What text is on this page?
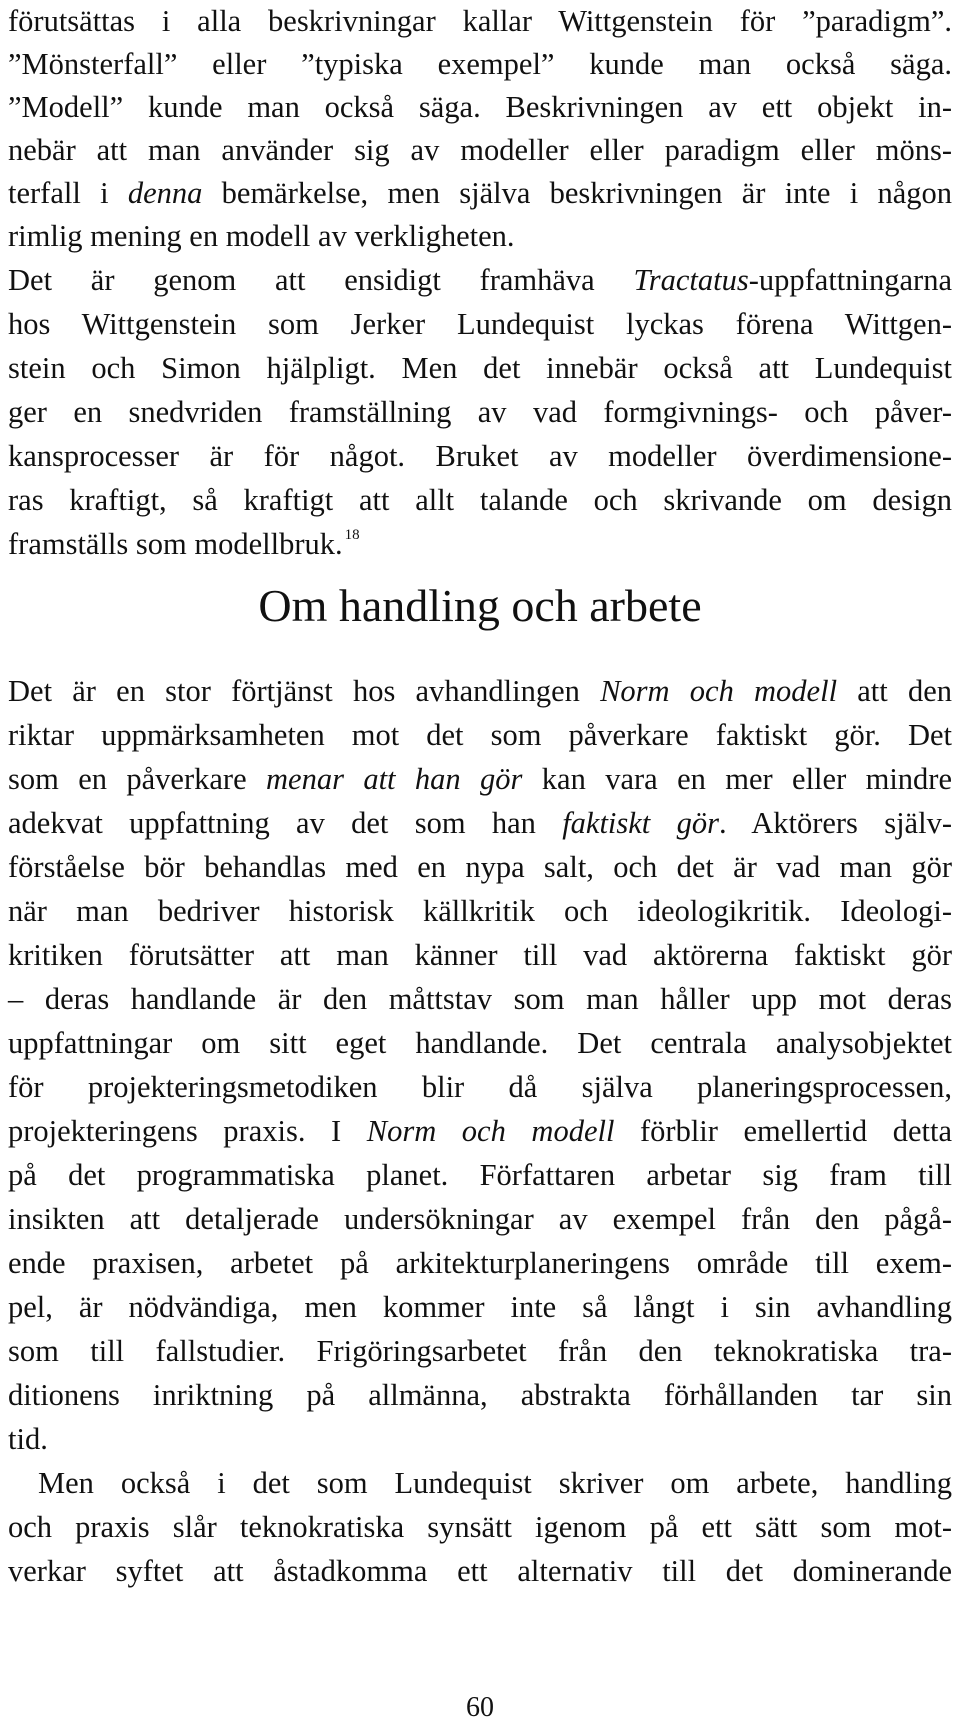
förutsättas i alla beskrivningar kallar Wittgenstein för ”paradigm”.
”Mönsterfall” eller ”typiska exempel” kunde man också säga.
”Modell” kunde man också säga. Beskrivningen av ett objekt in-
nebär att man använder sig av modeller eller paradigm eller möns-
terfall i denna bemärkelse, men själva beskrivningen är inte i någon
rimlig mening en modell av verkligheten.
Det är genom att ensidigt framhäva Tractatus-uppfattningarna
hos Wittgenstein som Jerker Lundequist lyckas förena Wittgen-
stein och Simon hjälpligt. Men det innebär också att Lundequist
ger en snedvriden framställning av vad formgivnings- och påver-
kansprocesser är för något. Bruket av modeller överdimensione-
ras kraftigt, så kraftigt att allt talande och skrivande om design
framställs som modellbruk. $^{18}$
Om handling och arbete
Det är en stor förtjänst hos avhandlingen Norm och modell att den
riktar uppmärksamheten mot det som påverkare faktiskt gör. Det
som en påverkare menar att han gör kan vara en mer eller mindre
adekvat uppfattning av det som han faktiskt gör. Aktörers själv-
förståelse bör behandlas med en nypa salt, och det är vad man gör
när man bedriver historisk källkritik och ideologikritik. Ideologi-
kritiken förutsätter att man känner till vad aktörerna faktiskt gör
– deras handlande är den måttstav som man håller upp mot deras
uppfattningar om sitt eget handlande. Det centrala analysobjektet
för projekteringsmetodiken blir då själva planeringsprocessen,
projekteringens praxis. I Norm och modell förblir emellertid detta
på det programmatiska planet. Författaren arbetar sig fram till
insikten att detaljerade undersökningar av exempel från den pågå-
ende praxisen, arbetet på arkitekturplaneringens område till exem-
pel, är nödvändiga, men kommer inte så långt i sin avhandling
som till fallstudier. Frigöringsarbetet från den teknokratiska tra-
ditionens inriktning på allmänna, abstrakta förhållanden tar sin
tid.
Men också i det som Lundequist skriver om arbete, handling
och praxis slår teknokratiska synsätt igenom på ett sätt som mot-
verkar syftet att åstadkomma ett alternativ till det dominerande
60
